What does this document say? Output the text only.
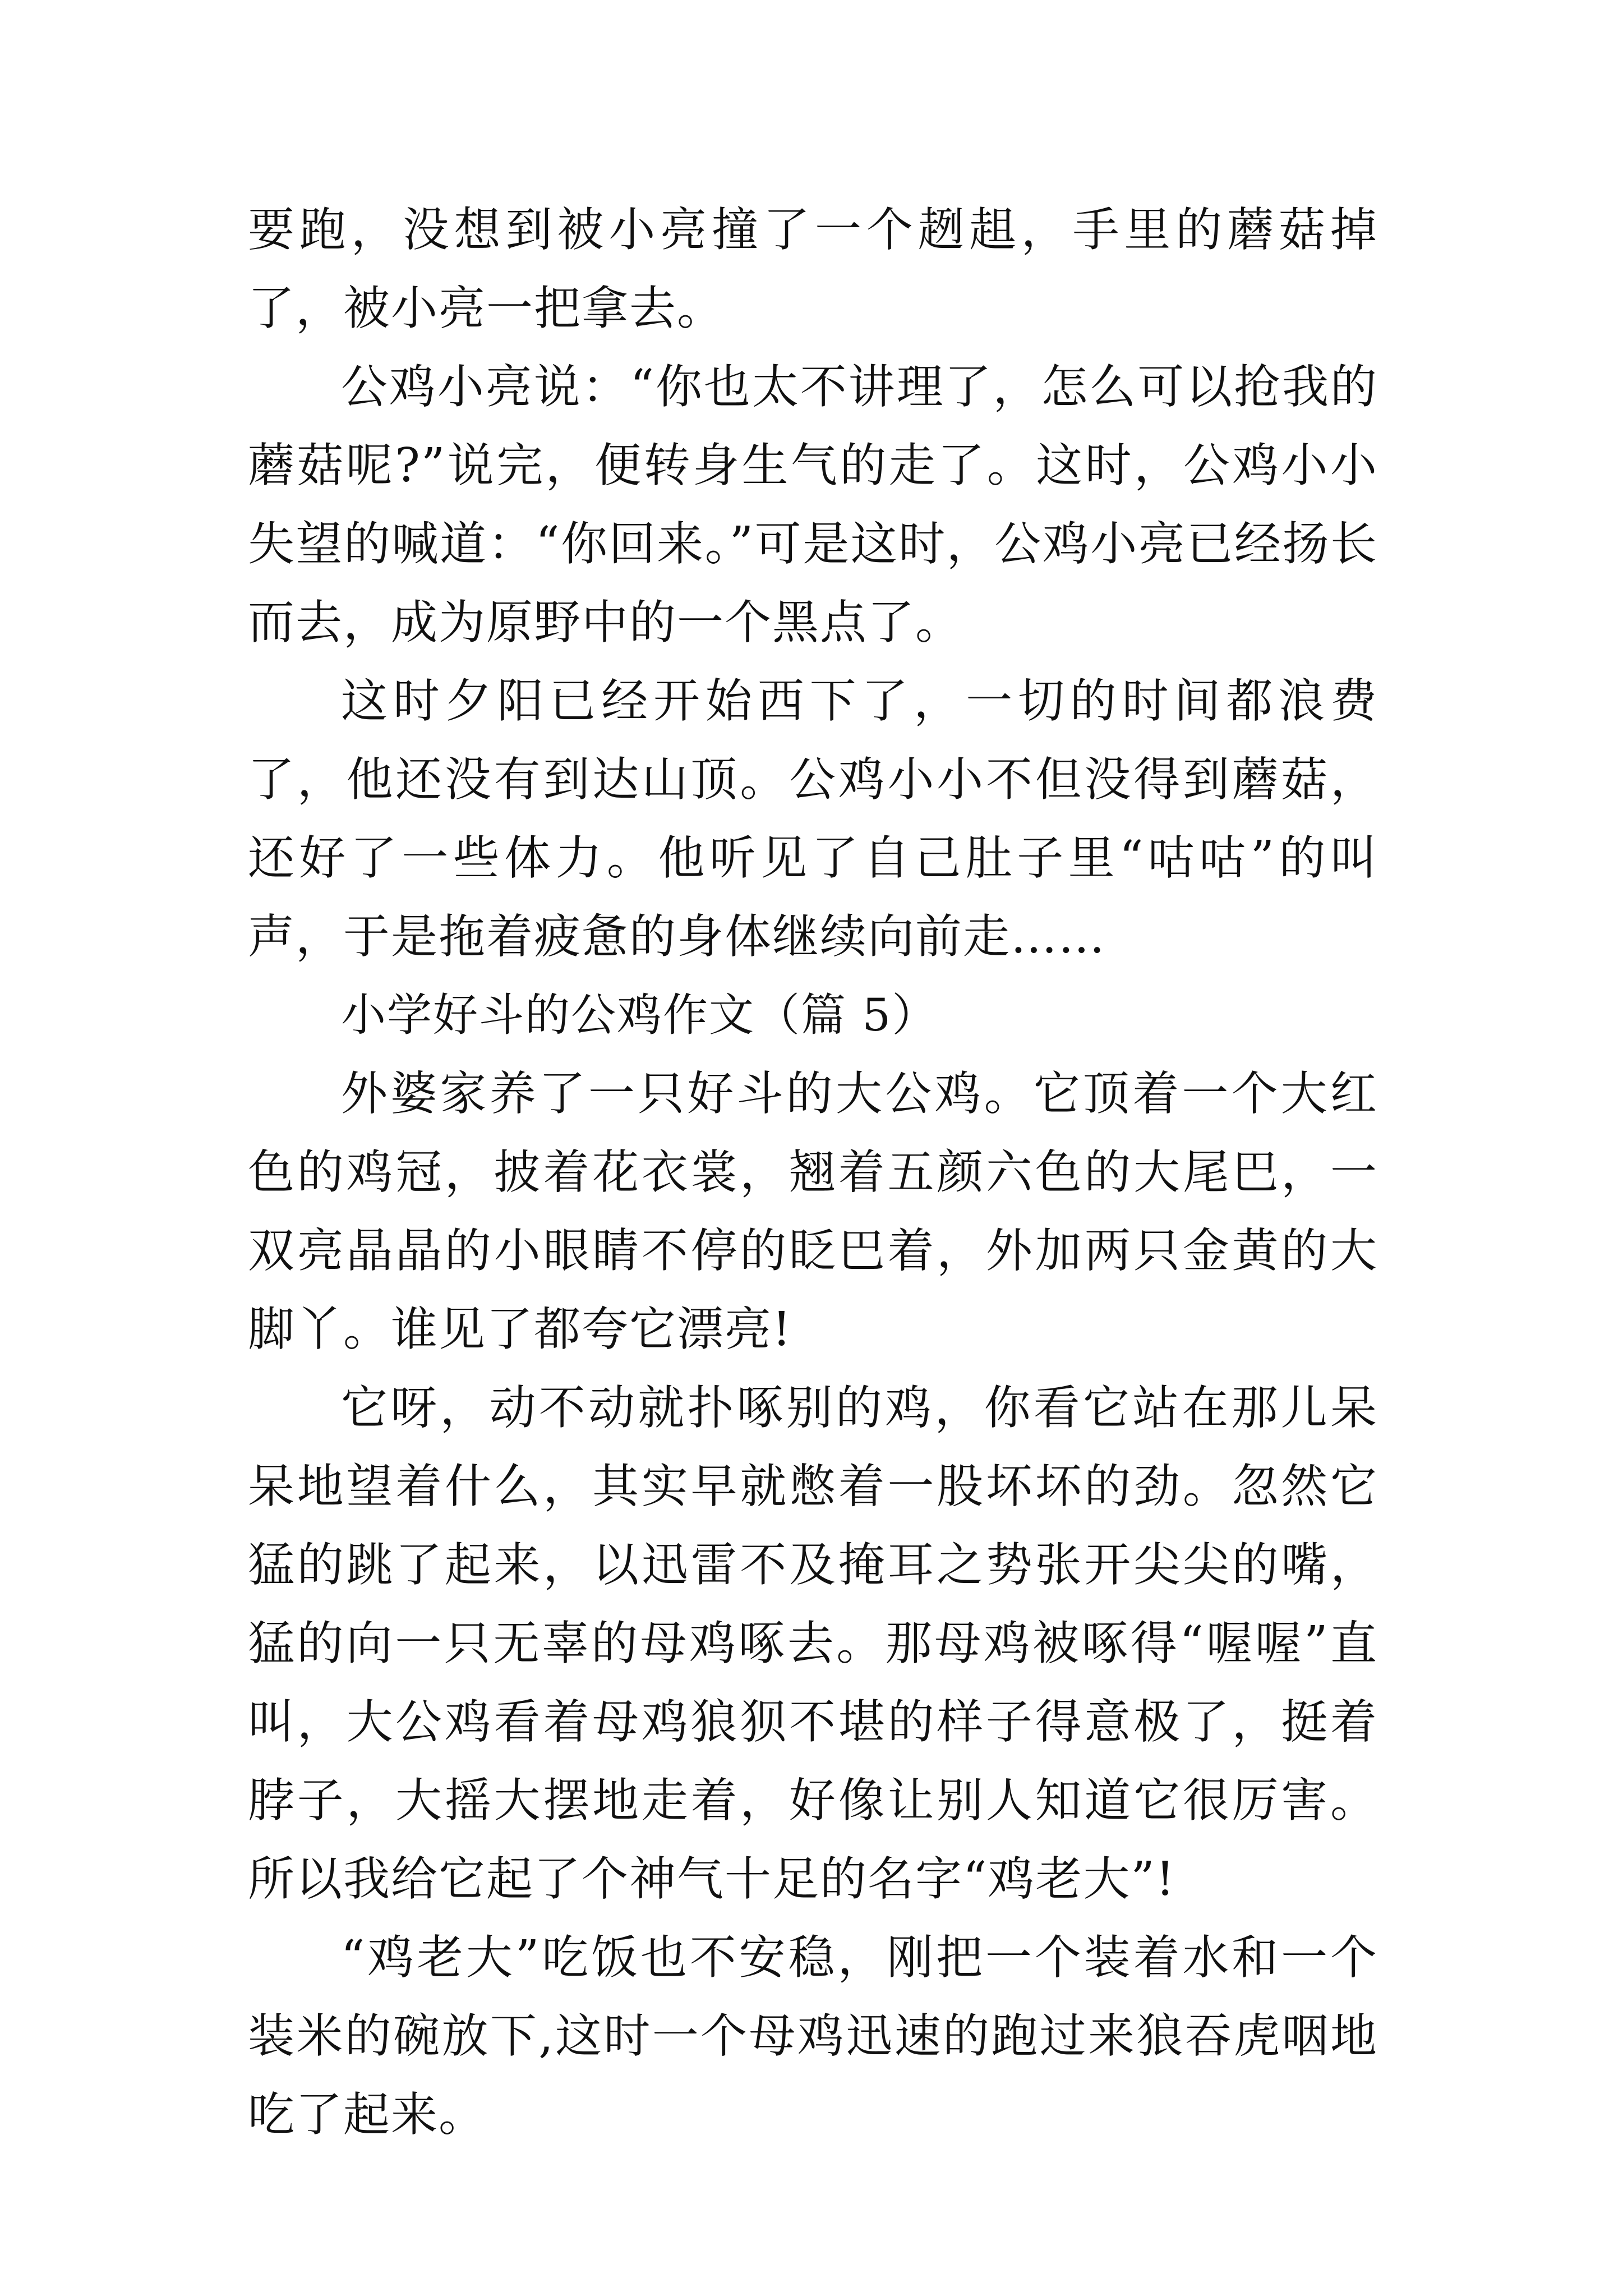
要跑，没想到被小亮撞了一个趔趄，手里的蘑菇掉了，被小亮一把拿去。

公鸡小亮说：“你也太不讲理了，怎么可以抢我的蘑菇呢?”说完，便转身生气的走了。这时，公鸡小小失望的喊道：“你回来。”可是这时，公鸡小亮已经扬长而去，成为原野中的一个黑点了。

这时夕阳已经开始西下了，一切的时间都浪费了，他还没有到达山顶。公鸡小小不但没得到蘑菇，还好了一些体力。他听见了自己肚子里“咕咕”的叫声，于是拖着疲惫的身体继续向前走……

小学好斗的公鸡作文（篇 5）

外婆家养了一只好斗的大公鸡。它顶着一个大红色的鸡冠，披着花衣裳，翘着五颜六色的大尾巴，一双亮晶晶的小眼睛不停的眨巴着，外加两只金黄的大脚丫。谁见了都夸它漂亮!

它呀，动不动就扑啄别的鸡，你看它站在那儿呆呆地望着什么，其实早就憋着一股坏坏的劲。忽然它猛的跳了起来，以迅雷不及掩耳之势张开尖尖的嘴，猛的向一只无辜的母鸡啄去。那母鸡被啄得“喔喔”直叫，大公鸡看着母鸡狼狈不堪的样子得意极了，挺着脖子，大摇大摆地走着，好像让别人知道它很厉害。所以我给它起了个神气十足的名字“鸡老大”!

“鸡老大”吃饭也不安稳，刚把一个装着水和一个装米的碗放下,这时一个母鸡迅速的跑过来狼吞虎咽地吃了起来。
